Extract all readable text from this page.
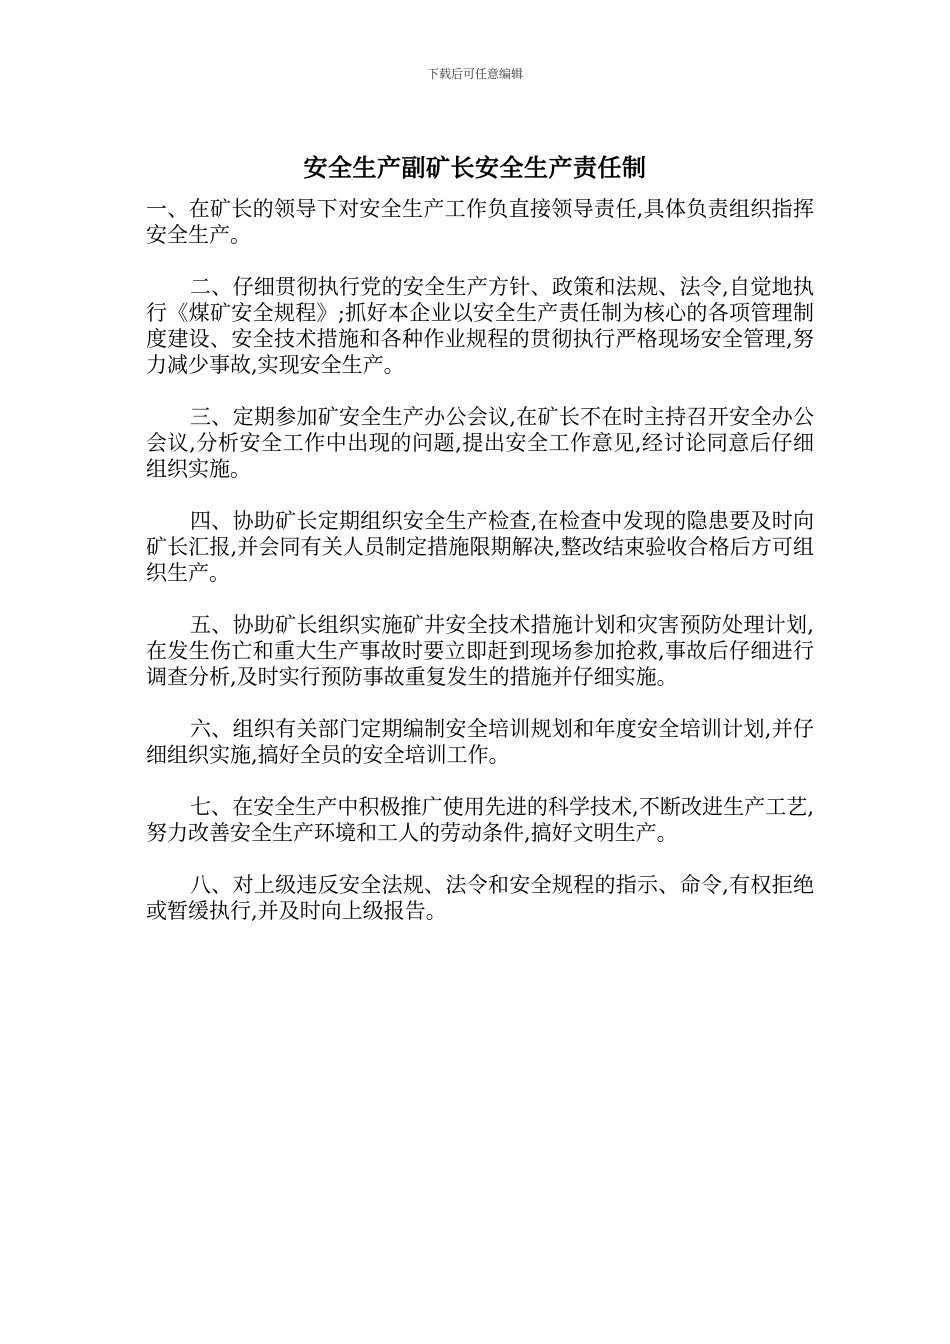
下载后可任意编辑
安全生产副矿长安全生产责任制

一、在矿长的领导下对安全生产工作负直接领导责任,具体负责组织指挥安全生产。

二、仔细贯彻执行党的安全生产方针、政策和法规、法令,自觉地执行《煤矿安全规程》;抓好本企业以安全生产责任制为核心的各项管理制度建设、安全技术措施和各种作业规程的贯彻执行严格现场安全管理,努力减少事故,实现安全生产。

三、定期参加矿安全生产办公会议,在矿长不在时主持召开安全办公会议,分析安全工作中出现的问题,提出安全工作意见,经讨论同意后仔细组织实施。

四、协助矿长定期组织安全生产检查,在检查中发现的隐患要及时向矿长汇报,并会同有关人员制定措施限期解决,整改结束验收合格后方可组织生产。

五、协助矿长组织实施矿井安全技术措施计划和灾害预防处理计划,在发生伤亡和重大生产事故时要立即赶到现场参加抢救,事故后仔细进行调查分析,及时实行预防事故重复发生的措施并仔细实施。

六、组织有关部门定期编制安全培训规划和年度安全培训计划,并仔细组织实施,搞好全员的安全培训工作。

七、在安全生产中积极推广使用先进的科学技术,不断改进生产工艺,努力改善安全生产环境和工人的劳动条件,搞好文明生产。

八、对上级违反安全法规、法令和安全规程的指示、命令,有权拒绝或暂缓执行,并及时向上级报告。
